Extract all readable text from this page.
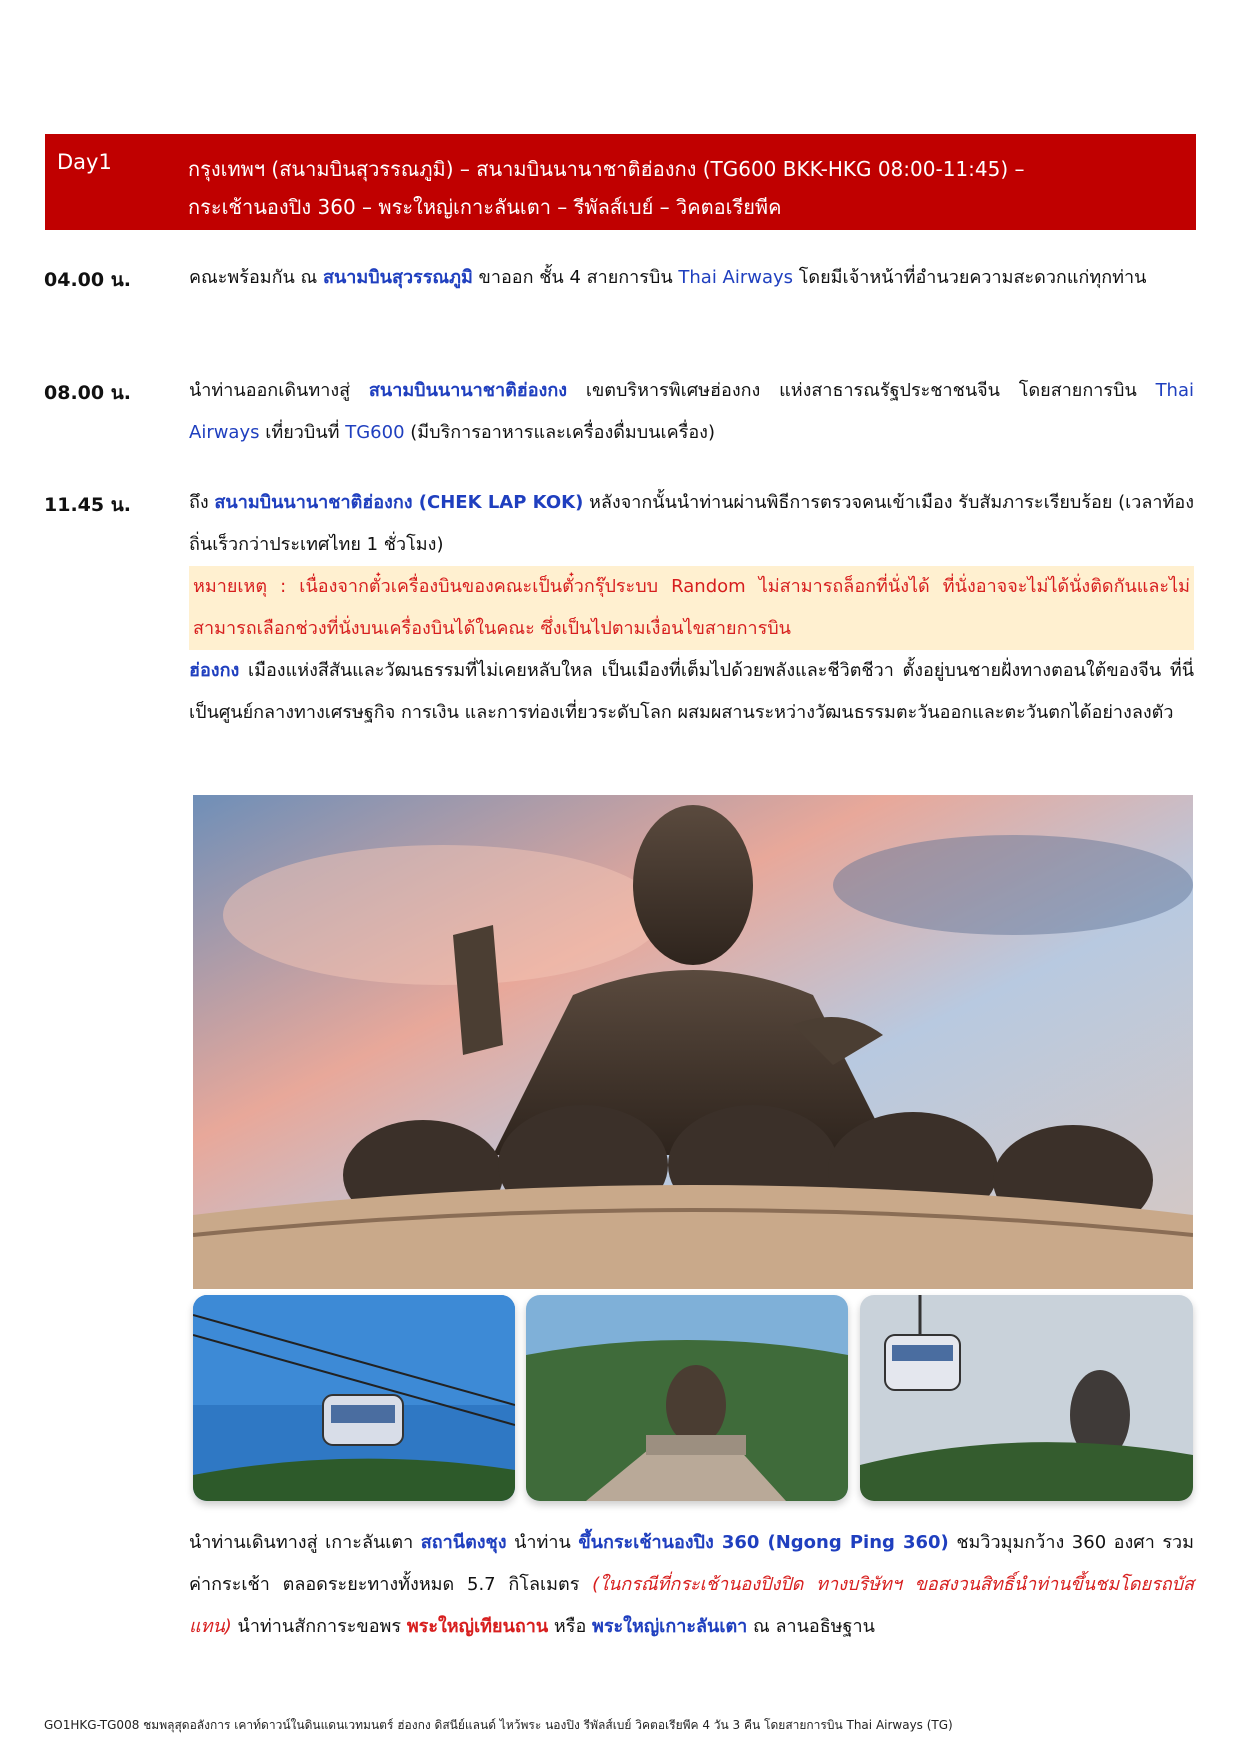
Day1	กรุงเทพฯ (สนามบินสุวรรณภูมิ) – สนามบินนานาชาติฮ่องกง (TG600 BKK-HKG 08:00-11:45) –
กระเช้านองปิง 360 – พระใหญ่เกาะลันเตา – รีพัลส์เบย์ – วิคตอเรียพีค
04.00 น.	คณะพร้อมกัน ณ สนามบินสุวรรณภูมิ ขาออก ชั้น 4 สายการบิน Thai Airways โดยมีเจ้าหน้าที่อำนวยความสะดวกแก่ทุกท่าน
08.00 น.	นำท่านออกเดินทางสู่ สนามบินนานาชาติฮ่องกง เขตบริหารพิเศษฮ่องกง แห่งสาธารณรัฐประชาชนจีน โดยสายการบิน Thai Airways เที่ยวบินที่ TG600 (มีบริการอาหารและเครื่องดื่มบนเครื่อง)
11.45 น.	ถึง สนามบินนานาชาติฮ่องกง (CHEK LAP KOK) หลังจากนั้นนำท่านผ่านพิธีการตรวจคนเข้าเมือง รับสัมภาระเรียบร้อย (เวลาท้องถิ่นเร็วกว่าประเทศไทย 1 ชั่วโมง)
หมายเหตุ : เนื่องจากตั๋วเครื่องบินของคณะเป็นตั๋วกรุ๊ประบบ Random ไม่สามารถล็อกที่นั่งได้ ที่นั่งอาจจะไม่ได้นั่งติดกันและไม่สามารถเลือกช่วงที่นั่งบนเครื่องบินได้ในคณะ ซึ่งเป็นไปตามเงื่อนไขสายการบิน
ฮ่องกง เมืองแห่งสีสันและวัฒนธรรมที่ไม่เคยหลับใหล เป็นเมืองที่เต็มไปด้วยพลังและชีวิตชีวา ตั้งอยู่บนชายฝั่งทางตอนใต้ของจีน ที่นี่เป็นศูนย์กลางทางเศรษฐกิจ การเงิน และการท่องเที่ยวระดับโลก ผสมผสานระหว่างวัฒนธรรมตะวันออกและตะวันตกได้อย่างลงตัว
นำท่านเดินทางสู่ เกาะลันเตา สถานีตงชุง นำท่าน ขึ้นกระเช้านองปิง 360 (Ngong Ping 360) ชมวิวมุมกว้าง 360 องศา รวมค่ากระเช้า ตลอดระยะทางทั้งหมด 5.7 กิโลเมตร (ในกรณีที่กระเช้านองปิงปิด ทางบริษัทฯ ขอสงวนสิทธิ์นำท่านขึ้นชมโดยรถบัสแทน) นำท่านสักการะขอพร พระใหญ่เทียนถาน หรือ พระใหญ่เกาะลันเตา ณ ลานอธิษฐาน
GO1HKG-TG008 ชมพลุสุดอลังการ เคาท์ดาวน์ในดินแดนเวทมนตร์ ฮ่องกง ดิสนีย์แลนด์ ไหว้พระ นองปิง รีพัลส์เบย์ วิคตอเรียพีค 4 วัน 3 คืน โดยสายการบิน Thai Airways (TG)
